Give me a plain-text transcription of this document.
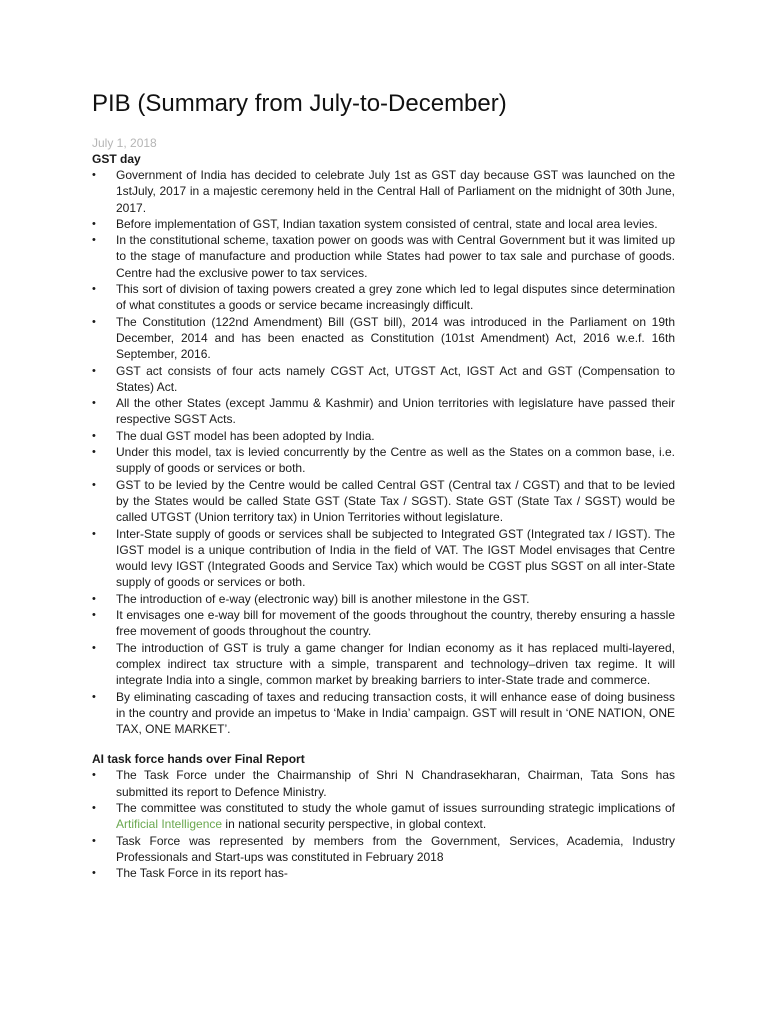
PIB (Summary from July-to-December)

July 1, 2018

GST day

• Government of India has decided to celebrate July 1st as GST day because GST was launched on the 1stJuly, 2017 in a majestic ceremony held in the Central Hall of Parliament on the midnight of 30th June, 2017.
• Before implementation of GST, Indian taxation system consisted of central, state and local area levies.
• In the constitutional scheme, taxation power on goods was with Central Government but it was limited up to the stage of manufacture and production while States had power to tax sale and purchase of goods. Centre had the exclusive power to tax services.
• This sort of division of taxing powers created a grey zone which led to legal disputes since determination of what constitutes a goods or service became increasingly difficult.
• The Constitution (122nd Amendment) Bill (GST bill), 2014 was introduced in the Parliament on 19th December, 2014 and has been enacted as Constitution (101st Amendment) Act, 2016 w.e.f. 16th September, 2016.
• GST act consists of four acts namely CGST Act, UTGST Act, IGST Act and GST (Compensation to States) Act.
• All the other States (except Jammu & Kashmir) and Union territories with legislature have passed their respective SGST Acts.
• The dual GST model has been adopted by India.
• Under this model, tax is levied concurrently by the Centre as well as the States on a common base, i.e. supply of goods or services or both.
• GST to be levied by the Centre would be called Central GST (Central tax / CGST) and that to be levied by the States would be called State GST (State Tax / SGST). State GST (State Tax / SGST) would be called UTGST (Union territory tax) in Union Territories without legislature.
• Inter-State supply of goods or services shall be subjected to Integrated GST (Integrated tax / IGST). The IGST model is a unique contribution of India in the field of VAT. The IGST Model envisages that Centre would levy IGST (Integrated Goods and Service Tax) which would be CGST plus SGST on all inter-State supply of goods or services or both.
• The introduction of e-way (electronic way) bill is another milestone in the GST.
• It envisages one e-way bill for movement of the goods throughout the country, thereby ensuring a hassle free movement of goods throughout the country.
• The introduction of GST is truly a game changer for Indian economy as it has replaced multi-layered, complex indirect tax structure with a simple, transparent and technology–driven tax regime. It will integrate India into a single, common market by breaking barriers to inter-State trade and commerce.
• By eliminating cascading of taxes and reducing transaction costs, it will enhance ease of doing business in the country and provide an impetus to ‘Make in India’ campaign. GST will result in ‘ONE NATION, ONE TAX, ONE MARKET’.

AI task force hands over Final Report

• The Task Force under the Chairmanship of Shri N Chandrasekharan, Chairman, Tata Sons has submitted its report to Defence Ministry.
• The committee was constituted to study the whole gamut of issues surrounding strategic implications of Artificial Intelligence in national security perspective, in global context.
• Task Force was represented by members from the Government, Services, Academia, Industry Professionals and Start-ups was constituted in February 2018
• The Task Force in its report has-
